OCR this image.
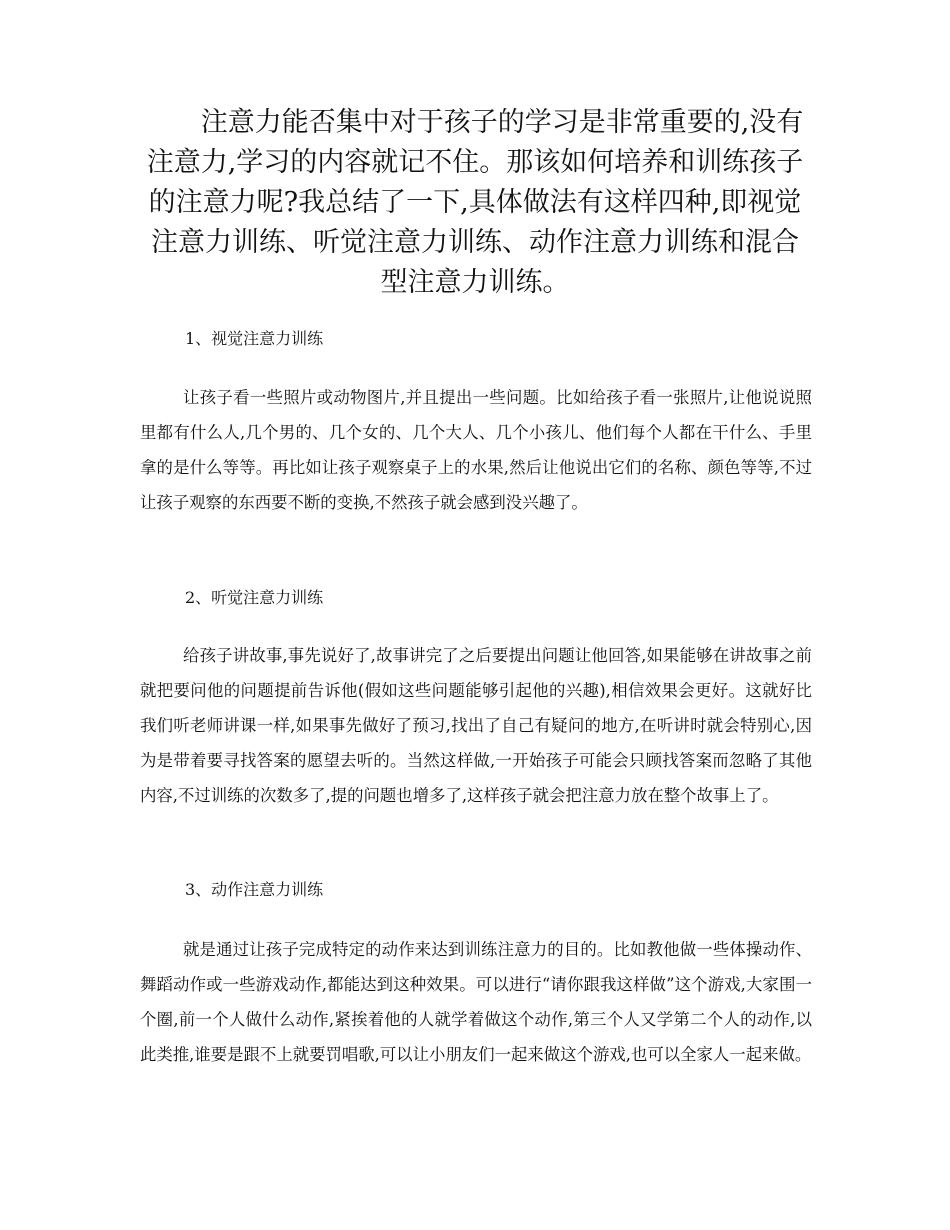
注意力能否集中对于孩子的学习是非常重要的,没有注意力,学习的内容就记不住。那该如何培养和训练孩子的注意力呢?我总结了一下,具体做法有这样四种,即视觉注意力训练、听觉注意力训练、动作注意力训练和混合型注意力训练。

1、视觉注意力训练

让孩子看一些照片或动物图片,并且提出一些问题。比如给孩子看一张照片,让他说说照里都有什么人,几个男的、几个女的、几个大人、几个小孩儿、他们每个人都在干什么、手里拿的是什么等等。再比如让孩子观察桌子上的水果,然后让他说出它们的名称、颜色等等,不过让孩子观察的东西要不断的变换,不然孩子就会感到没兴趣了。

2、听觉注意力训练

给孩子讲故事,事先说好了,故事讲完了之后要提出问题让他回答,如果能够在讲故事之前就把要问他的问题提前告诉他(假如这些问题能够引起他的兴趣),相信效果会更好。这就好比我们听老师讲课一样,如果事先做好了预习,找出了自己有疑问的地方,在听讲时就会特别心,因为是带着要寻找答案的愿望去听的。当然这样做,一开始孩子可能会只顾找答案而忽略了其他内容,不过训练的次数多了,提的问题也增多了,这样孩子就会把注意力放在整个故事上了。

3、动作注意力训练

就是通过让孩子完成特定的动作来达到训练注意力的目的。比如教他做一些体操动作、舞蹈动作或一些游戏动作,都能达到这种效果。可以进行“请你跟我这样做”这个游戏,大家围一个圈,前一个人做什么动作,紧挨着他的人就学着做这个动作,第三个人又学第二个人的动作,以此类推,谁要是跟不上就要罚唱歌,可以让小朋友们一起来做这个游戏,也可以全家人一起来做。
